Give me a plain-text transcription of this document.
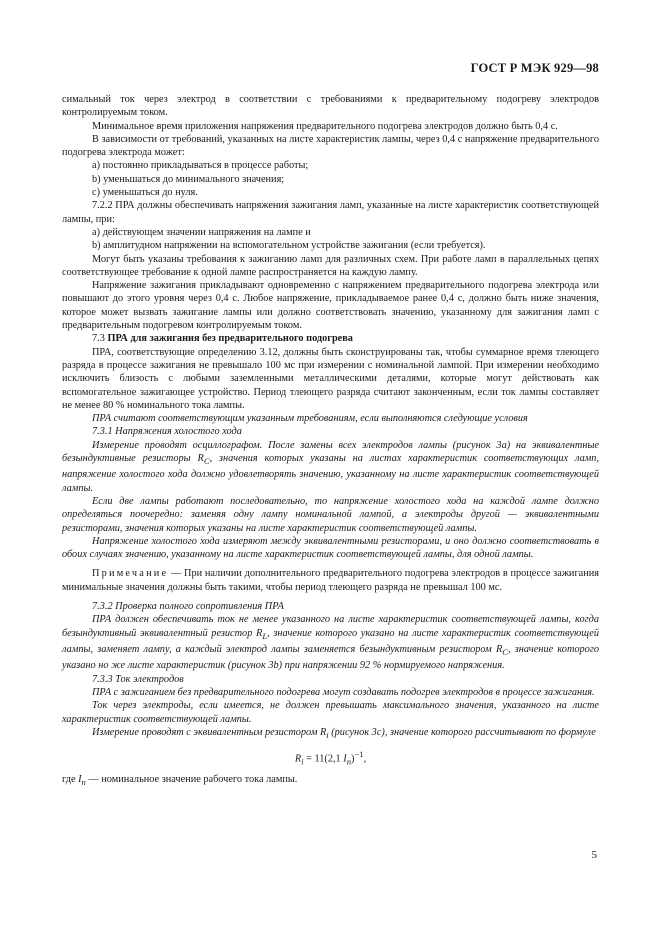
ГОСТ Р МЭК 929—98

симальный ток через электрод в соответствии с требованиями к предварительному подогреву электродов контролируемым током.

Минимальное время приложения напряжения предварительного подогрева электродов должно быть 0,4 с.

В зависимости от требований, указанных на листе характеристик лампы, через 0,4 с напряжение предварительного подогрева электрода может:

a) постоянно прикладываться в процессе работы;

b) уменьшаться до минимального значения;

c) уменьшаться до нуля.

7.2.2 ПРА должны обеспечивать напряжения зажигания ламп, указанные на листе характеристик соответствующей лампы, при:

a) действующем значении напряжения на лампе и

b) амплитудном напряжении на вспомогательном устройстве зажигания (если требуется).

Могут быть указаны требования к зажиганию ламп для различных схем. При работе ламп в параллельных цепях соответствующее требование к одной лампе распространяется на каждую лампу.

Напряжение зажигания прикладывают одновременно с напряжением предварительного подогрева электрода или повышают до этого уровня через 0,4 с. Любое напряжение, прикладываемое ранее 0,4 с, должно быть ниже значения, которое может вызвать зажигание лампы или должно соответствовать значению, указанному для зажигания ламп с предварительным подогревом контролируемым током.

7.3 ПРА для зажигания без предварительного подогрева

ПРА, соответствующие определению 3.12, должны быть сконструированы так, чтобы суммарное время тлеющего разряда в процессе зажигания не превышало 100 мс при измерении с номинальной лампой. При измерении необходимо исключить близость с любыми заземленными металлическими деталями, которые могут действовать как вспомогательное зажигающее устройство. Период тлеющего разряда считают законченным, если ток лампы составляет не менее 80 % номинального тока лампы.

ПРА считают соответствующим указанным требованиям, если выполняются следующие условия

7.3.1 Напряжения холостого хода

Измерение проводят осциллографом. После замены всех электродов лампы (рисунок 3а) на эквивалентные безындуктивные резисторы $R_C$, значения которых указаны на листах характеристик соответствующих ламп, напряжение холостого хода должно удовлетворять значению, указанному на листе характеристик соответствующей лампы.

Если две лампы работают последовательно, то напряжение холостого хода на каждой лампе должно определяться поочередно: заменяя одну лампу номинальной лампой, а электроды другой — эквивалентными резисторами, значения которых указаны на листе характеристик соответствующей лампы.

Напряжение холостого хода измеряют между эквивалентными резисторами, и оно должно соответствовать в обоих случаях значению, указанному на листе характеристик соответствующей лампы, для одной лампы.

Примечание — При наличии дополнительного предварительного подогрева электродов в процессе зажигания минимальные значения должны быть такими, чтобы период тлеющего разряда не превышал 100 мс.

7.3.2 Проверка полного сопротивления ПРА

ПРА должен обеспечивать ток не менее указанного на листе характеристик соответствующей лампы, когда безындуктивный эквивалентный резистор $R_L$, значение которого указано на листе характеристик соответствующей лампы, заменяет лампу, а каждый электрод лампы заменяется безындуктивным резистором $R_C$, значение которого указано но же листе характеристик (рисунок 3b) при напряжении 92 % нормируемого напряжения.

7.3.3 Ток электродов

ПРА с зажиганием без предварительного подогрева могут создавать подогрев электродов в процессе зажигания.

Ток через электроды, если имеется, не должен превышать максимального значения, указанного на листе характеристик соответствующей лампы.

Измерение проводят с эквивалентным резистором $R_i$ (рисунок 3c), значение которого рассчитывают по формуле

$R_i = 11(2,1$ $I_n)^{-1}$,

где $I_n$ — номинальное значение рабочего тока лампы.

5
